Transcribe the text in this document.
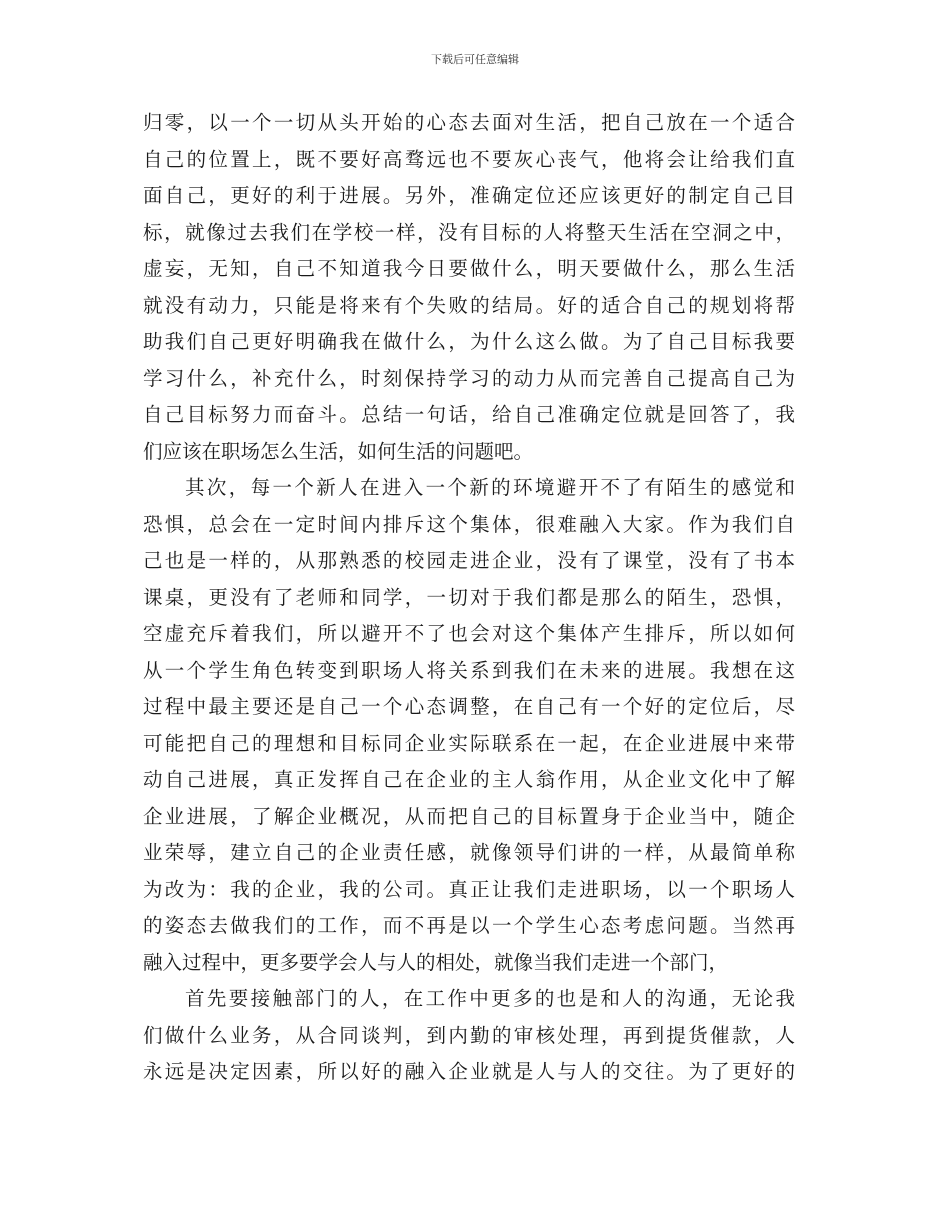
下载后可任意编辑
归零，以一个一切从头开始的心态去面对生活，把自己放在一个适合
自己的位置上，既不要好高骛远也不要灰心丧气，他将会让给我们直
面自己，更好的利于进展。另外，准确定位还应该更好的制定自己目
标，就像过去我们在学校一样，没有目标的人将整天生活在空洞之中，
虚妄，无知，自己不知道我今日要做什么，明天要做什么，那么生活
就没有动力，只能是将来有个失败的结局。好的适合自己的规划将帮
助我们自己更好明确我在做什么，为什么这么做。为了自己目标我要
学习什么，补充什么，时刻保持学习的动力从而完善自己提高自己为
自己目标努力而奋斗。总结一句话，给自己准确定位就是回答了，我
们应该在职场怎么生活，如何生活的问题吧。
其次，每一个新人在进入一个新的环境避开不了有陌生的感觉和
恐惧，总会在一定时间内排斥这个集体，很难融入大家。作为我们自
己也是一样的，从那熟悉的校园走进企业，没有了课堂，没有了书本
课桌，更没有了老师和同学，一切对于我们都是那么的陌生，恐惧，
空虚充斥着我们，所以避开不了也会对这个集体产生排斥，所以如何
从一个学生角色转变到职场人将关系到我们在未来的进展。我想在这
过程中最主要还是自己一个心态调整，在自己有一个好的定位后，尽
可能把自己的理想和目标同企业实际联系在一起，在企业进展中来带
动自己进展，真正发挥自己在企业的主人翁作用，从企业文化中了解
企业进展，了解企业概况，从而把自己的目标置身于企业当中，随企
业荣辱，建立自己的企业责任感，就像领导们讲的一样，从最简单称
为改为：我的企业，我的公司。真正让我们走进职场，以一个职场人
的姿态去做我们的工作，而不再是以一个学生心态考虑问题。当然再
融入过程中，更多要学会人与人的相处，就像当我们走进一个部门，
首先要接触部门的人，在工作中更多的也是和人的沟通，无论我
们做什么业务，从合同谈判，到内勤的审核处理，再到提货催款，人
永远是决定因素，所以好的融入企业就是人与人的交往。为了更好的
